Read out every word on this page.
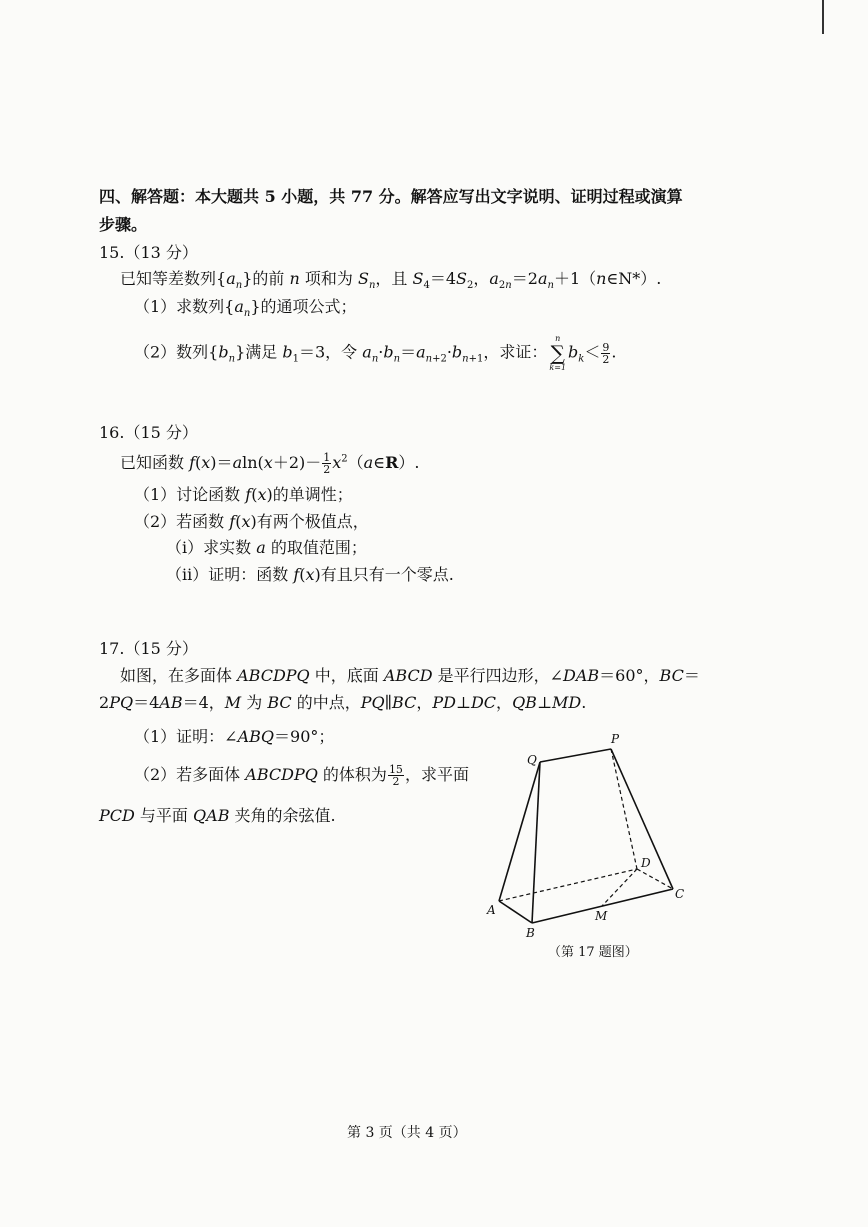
四、解答题：本大题共 5 小题，共 77 分。解答应写出文字说明、证明过程或演算
步骤。
15.（13 分）
已知等差数列$\{a_n\}$的前 n 项和为 $S_n$，且 $S_4=4S_2$，$a_{2n}=2a_n+1(n\in N*)$.
（1）求数列$\{a_n\}$的通项公式；
（2）数列$\{b_n\}$满足 $b_1=3$，令 $a_n\cdot b_n=a_{n+2}\cdot b_{n+1}$，求证：
n
∑
k=1
$b_k< \frac{9}{2}$ .
16.（15 分）
已知函数 $f(x)=aln(x+2)- \frac{1}{2}$ $x^2(a\in R)$.
（1）讨论函数 f(x)的单调性；
（2）若函数 f(x)有两个极值点，
（i）求实数 a 的取值范围；
（ii）证明：函数 f(x)有且只有一个零点.
17.（15 分）
如图，在多面体 ABCDPQ 中，底面 ABCD 是平行四边形，∠DAB＝60°，BC＝
2PQ＝4AB＝4，M 为 BC 的中点，PQ∥BC，PD⊥DC，QB⊥MD.
（1）证明：∠ABQ＝90°；
（2）若多面体 ABCDPQ 的体积为 $\frac{15}{2}$ ，求平面
PCD 与平面 QAB 夹角的余弦值.
Q
P
D
A	M
C
B
（第 17 题图）
第 3 页（共 4 页）
